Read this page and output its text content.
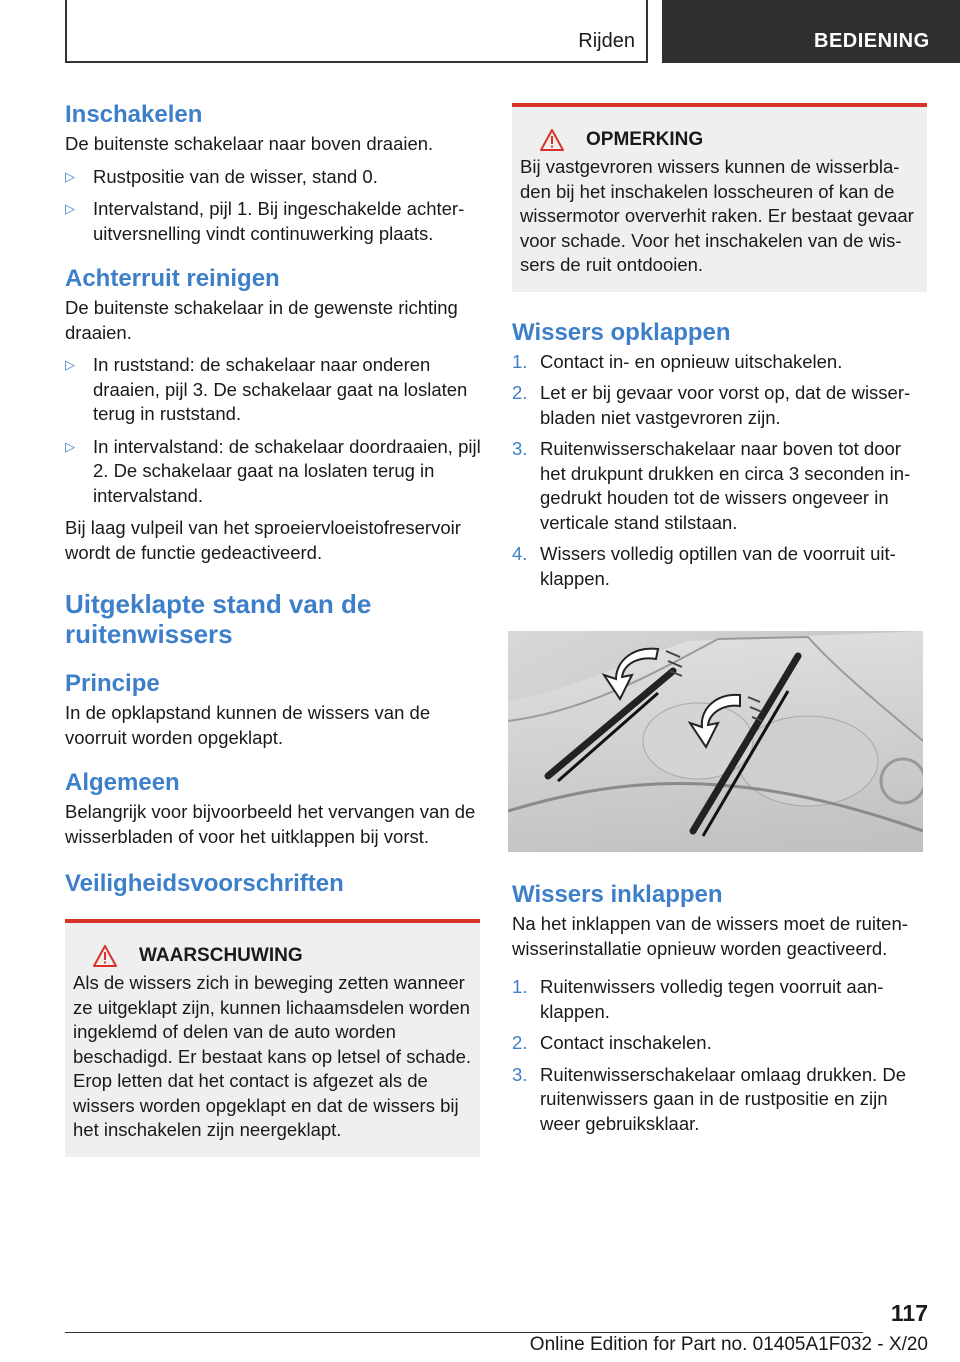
Rijden	BEDIENING
Inschakelen

De buitenste schakelaar naar boven draaien.

▷ Rustpositie van de wisser, stand 0.
▷ Intervalstand, pijl 1. Bij ingeschakelde achteruitversnelling vindt continuwerking plaats.
Achterruit reinigen

De buitenste schakelaar in de gewenste richting draaien.

▷ In ruststand: de schakelaar naar onderen draaien, pijl 3. De schakelaar gaat na loslaten terug in ruststand.
▷ In intervalstand: de schakelaar doordraaien, pijl 2. De schakelaar gaat na loslaten terug in intervalstand.

Bij laag vulpeil van het sproeiervloeistofreservoir wordt de functie gedeactiveerd.

Uitgeklapte stand van de ruitenwissers
Principe

In de opklapstand kunnen de wissers van de voorruit worden opgeklapt.

Algemeen

Belangrijk voor bijvoorbeeld het vervangen van de wisserbladen of voor het uitklappen bij vorst.

Veiligheidsvoorschriften
WAARSCHUWING

Als de wissers zich in beweging zetten wanneer ze uitgeklapt zijn, kunnen lichaamsdelen worden ingeklemd of delen van de auto worden beschadigd. Er bestaat kans op letsel of schade. Erop letten dat het contact is afgezet als de wissers worden opgeklapt en dat de wissers bij het inschakelen zijn neergeklapt.

OPMERKING

Bij vastgevroren wissers kunnen de wisserbladen bij het inschakelen losscheuren of kan de wissermotor oververhit raken. Er bestaat gevaar voor schade. Voor het inschakelen van de wissers de ruit ontdooien.

Wissers opklappen
1. Contact in- en opnieuw uitschakelen.
2. Let er bij gevaar voor vorst op, dat de wisserbladen niet vastgevroren zijn.
3. Ruitenwisserschakelaar naar boven tot door het drukpunt drukken en circa 3 seconden ingedrukt houden tot de wissers ongeveer in verticale stand stilstaan.
4. Wissers volledig optillen van de voorruit uitklappen.
Wissers inklappen

Na het inklappen van de wissers moet de ruitenwisserinstallatie opnieuw worden geactiveerd.

1. Ruitenwissers volledig tegen voorruit aanklappen.
2. Contact inschakelen.
3. Ruitenwisserschakelaar omlaag drukken. De ruitenwissers gaan in de rustpositie en zijn weer gebruiksklaar.
117
Online Edition for Part no. 01405A1F032 - X/20
